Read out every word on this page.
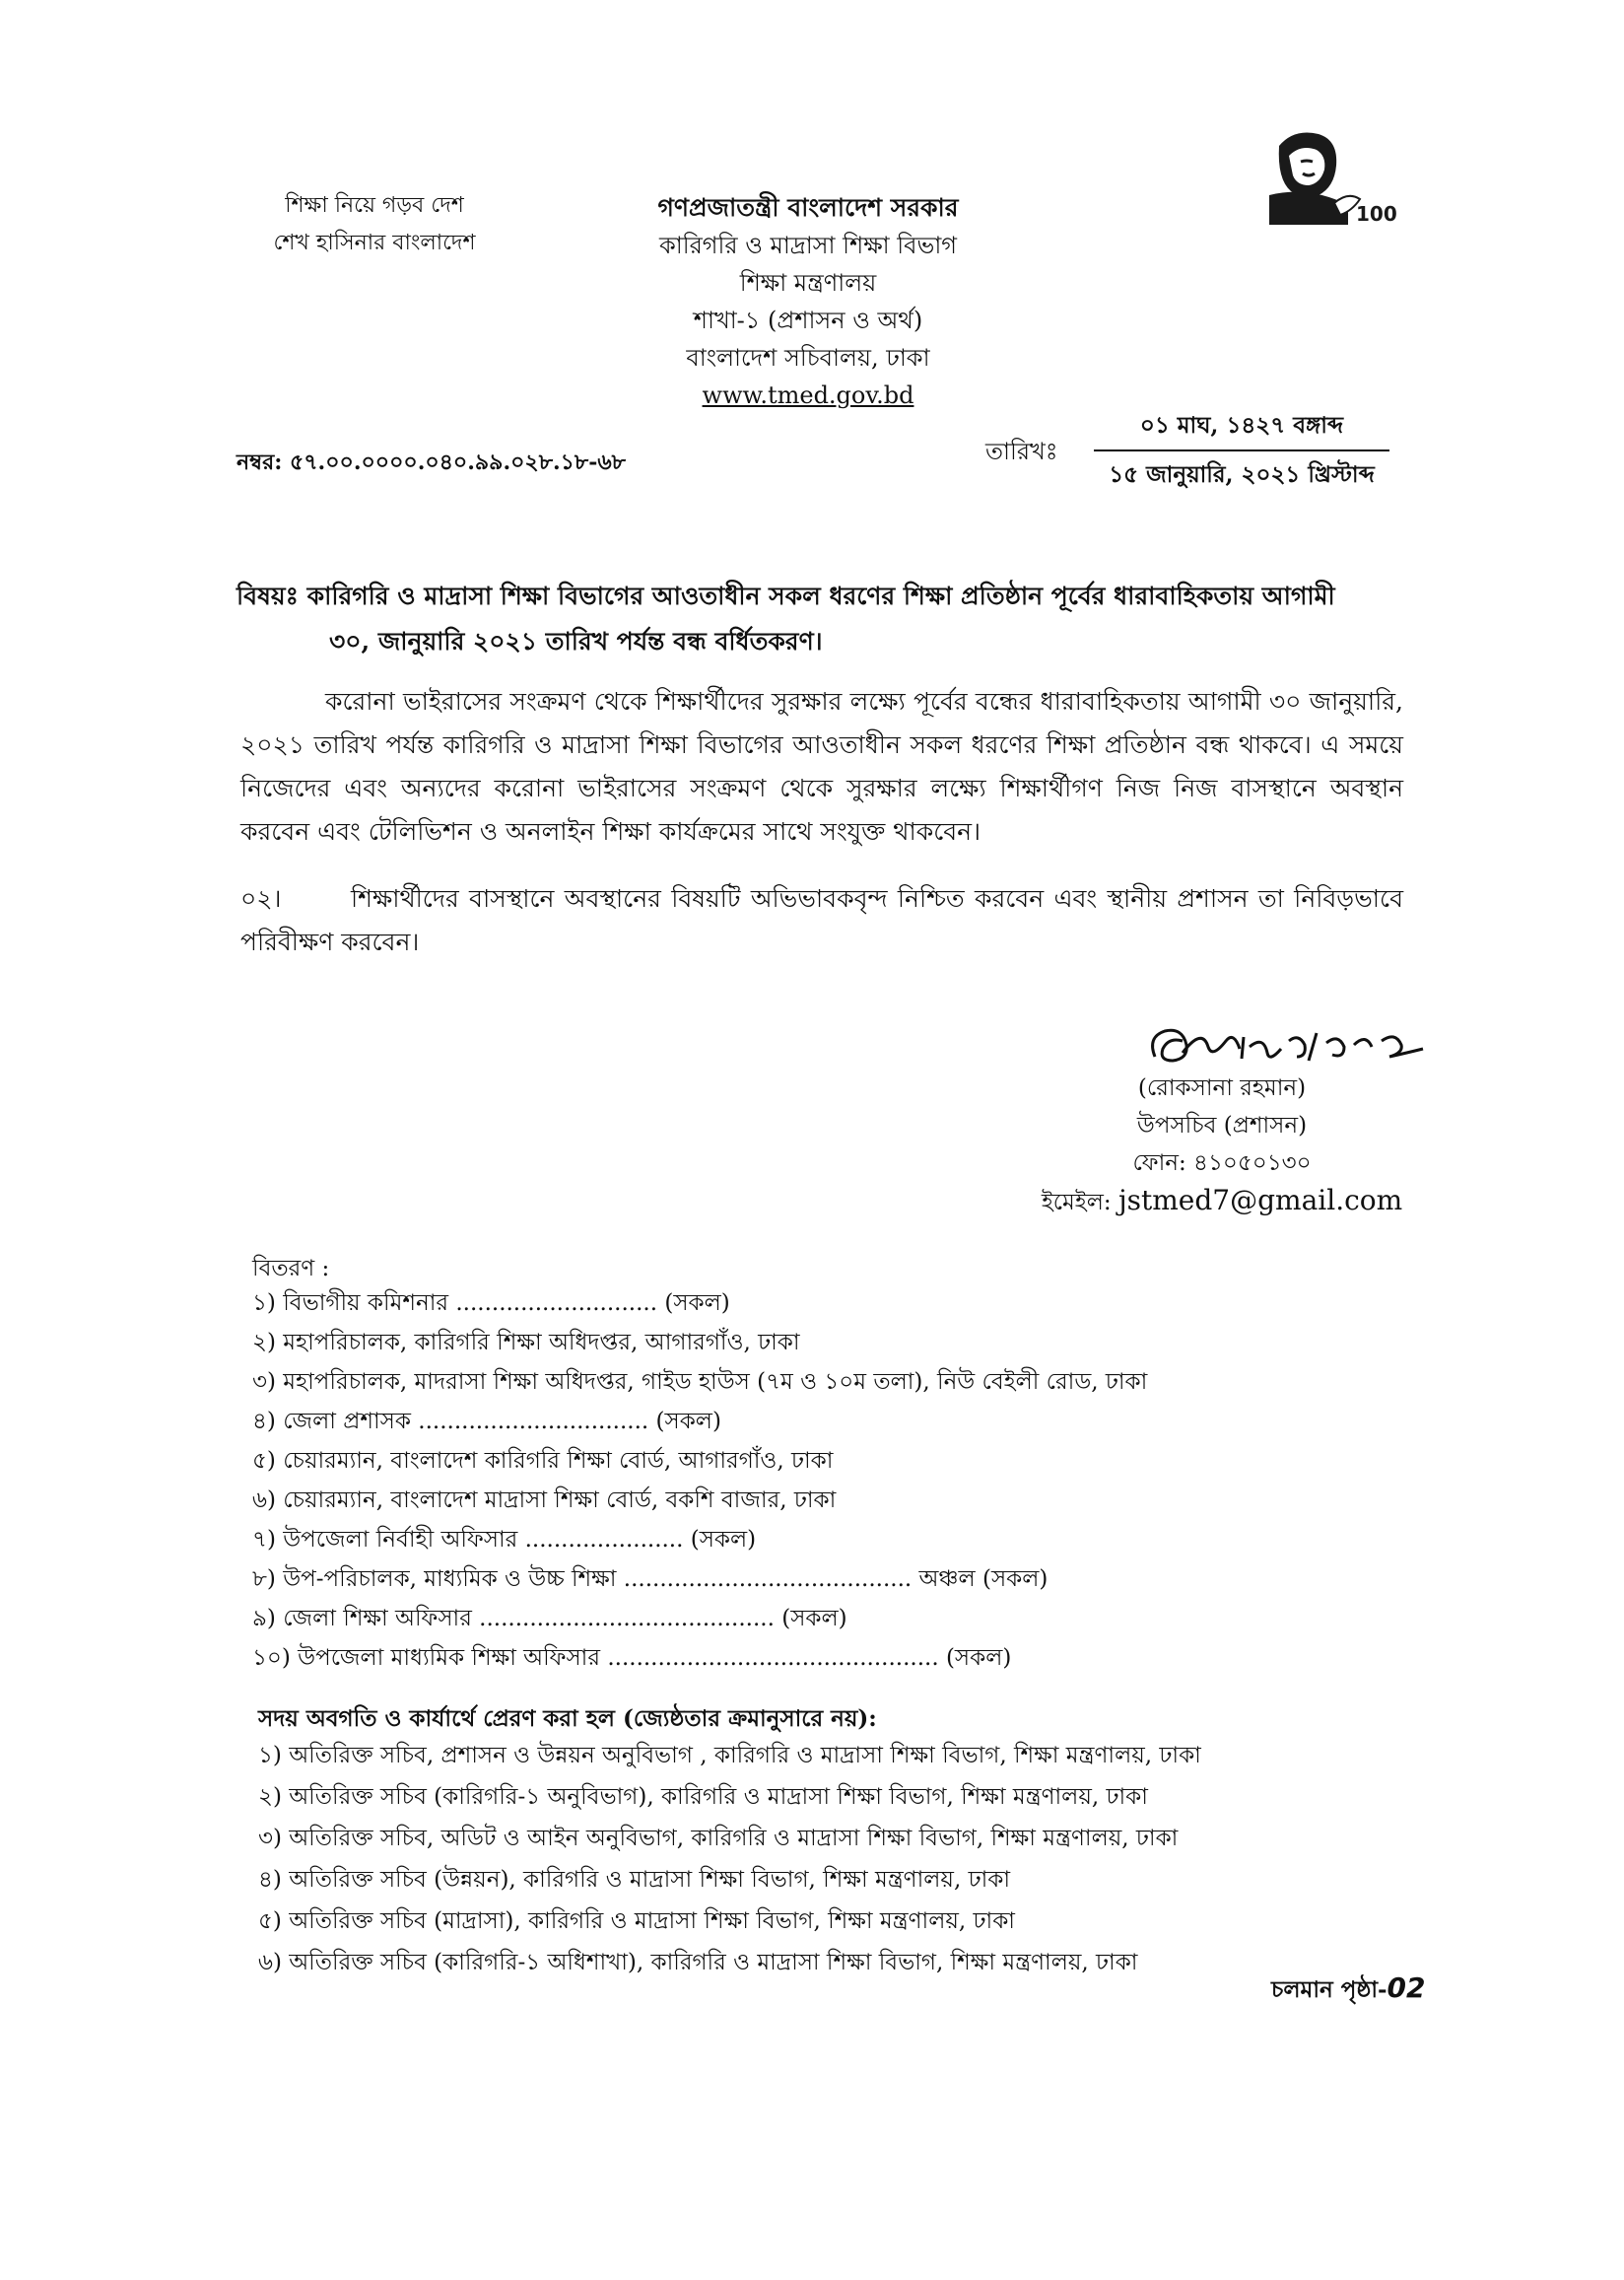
শিক্ষা নিয়ে গড়ব দেশ
শেখ হাসিনার বাংলাদেশ
গণপ্রজাতন্ত্রী বাংলাদেশ সরকার
কারিগরি ও মাদ্রাসা শিক্ষা বিভাগ
শিক্ষা মন্ত্রণালয়
শাখা-১ (প্রশাসন ও অর্থ)
বাংলাদেশ সচিবালয়, ঢাকা
www.tmed.gov.bd
100
নম্বর: ৫৭.০০.০০০০.০৪০.৯৯.০২৮.১৮-৬৮	তারিখঃ
০১ মাঘ, ১৪২৭ বঙ্গাব্দ
১৫ জানুয়ারি, ২০২১ খ্রিস্টাব্দ
বিষয়ঃ কারিগরি ও মাদ্রাসা শিক্ষা বিভাগের আওতাধীন সকল ধরণের শিক্ষা প্রতিষ্ঠান পূর্বের ধারাবাহিকতায় আগামী
৩০, জানুয়ারি ২০২১ তারিখ পর্যন্ত বন্ধ বর্ধিতকরণ।
করোনা ভাইরাসের সংক্রমণ থেকে শিক্ষার্থীদের সুরক্ষার লক্ষ্যে পূর্বের বন্ধের ধারাবাহিকতায় আগামী ৩০ জানুয়ারি, ২০২১ তারিখ পর্যন্ত কারিগরি ও মাদ্রাসা শিক্ষা বিভাগের আওতাধীন সকল ধরণের শিক্ষা প্রতিষ্ঠান বন্ধ থাকবে। এ সময়ে নিজেদের এবং অন্যদের করোনা ভাইরাসের সংক্রমণ থেকে সুরক্ষার লক্ষ্যে শিক্ষার্থীগণ নিজ নিজ বাসস্থানে অবস্থান করবেন এবং টেলিভিশন ও অনলাইন শিক্ষা কার্যক্রমের সাথে সংযুক্ত থাকবেন।
০২।	শিক্ষার্থীদের বাসস্থানে অবস্থানের বিষয়টি অভিভাবকবৃন্দ নিশ্চিত করবেন এবং স্থানীয় প্রশাসন তা নিবিড়ভাবে পরিবীক্ষণ করবেন।
(রোকসানা রহমান)
উপসচিব (প্রশাসন)
ফোন: ৪১০৫০১৩০
ইমেইল: jstmed7@gmail.com
বিতরণ :
১) বিভাগীয় কমিশনার ............................ (সকল)
২) মহাপরিচালক, কারিগরি শিক্ষা অধিদপ্তর, আগারগাঁও, ঢাকা
৩) মহাপরিচালক, মাদরাসা শিক্ষা অধিদপ্তর, গাইড হাউস (৭ম ও ১০ম তলা), নিউ বেইলী রোড, ঢাকা
৪) জেলা প্রশাসক ................................ (সকল)
৫) চেয়ারম্যান, বাংলাদেশ কারিগরি শিক্ষা বোর্ড, আগারগাঁও, ঢাকা
৬) চেয়ারম্যান, বাংলাদেশ মাদ্রাসা শিক্ষা বোর্ড, বকশি বাজার, ঢাকা
৭) উপজেলা নির্বাহী অফিসার ...................... (সকল)
৮) উপ-পরিচালক, মাধ্যমিক ও উচ্চ শিক্ষা ........................................ অঞ্চল (সকল)
৯) জেলা শিক্ষা অফিসার ......................................... (সকল)
১০) উপজেলা মাধ্যমিক শিক্ষা অফিসার .............................................. (সকল)
সদয় অবগতি ও কার্যার্থে প্রেরণ করা হল (জ্যেষ্ঠতার ক্রমানুসারে নয়):
১) অতিরিক্ত সচিব, প্রশাসন ও উন্নয়ন অনুবিভাগ , কারিগরি ও মাদ্রাসা শিক্ষা বিভাগ, শিক্ষা মন্ত্রণালয়, ঢাকা
২) অতিরিক্ত সচিব (কারিগরি-১ অনুবিভাগ), কারিগরি ও মাদ্রাসা শিক্ষা বিভাগ, শিক্ষা মন্ত্রণালয়, ঢাকা
৩) অতিরিক্ত সচিব, অডিট ও আইন অনুবিভাগ, কারিগরি ও মাদ্রাসা শিক্ষা বিভাগ, শিক্ষা মন্ত্রণালয়, ঢাকা
৪) অতিরিক্ত সচিব (উন্নয়ন), কারিগরি ও মাদ্রাসা শিক্ষা বিভাগ, শিক্ষা মন্ত্রণালয়, ঢাকা
৫) অতিরিক্ত সচিব (মাদ্রাসা), কারিগরি ও মাদ্রাসা শিক্ষা বিভাগ, শিক্ষা মন্ত্রণালয়, ঢাকা
৬) অতিরিক্ত সচিব (কারিগরি-১ অধিশাখা), কারিগরি ও মাদ্রাসা শিক্ষা বিভাগ, শিক্ষা মন্ত্রণালয়, ঢাকা
চলমান পৃষ্ঠা-02
